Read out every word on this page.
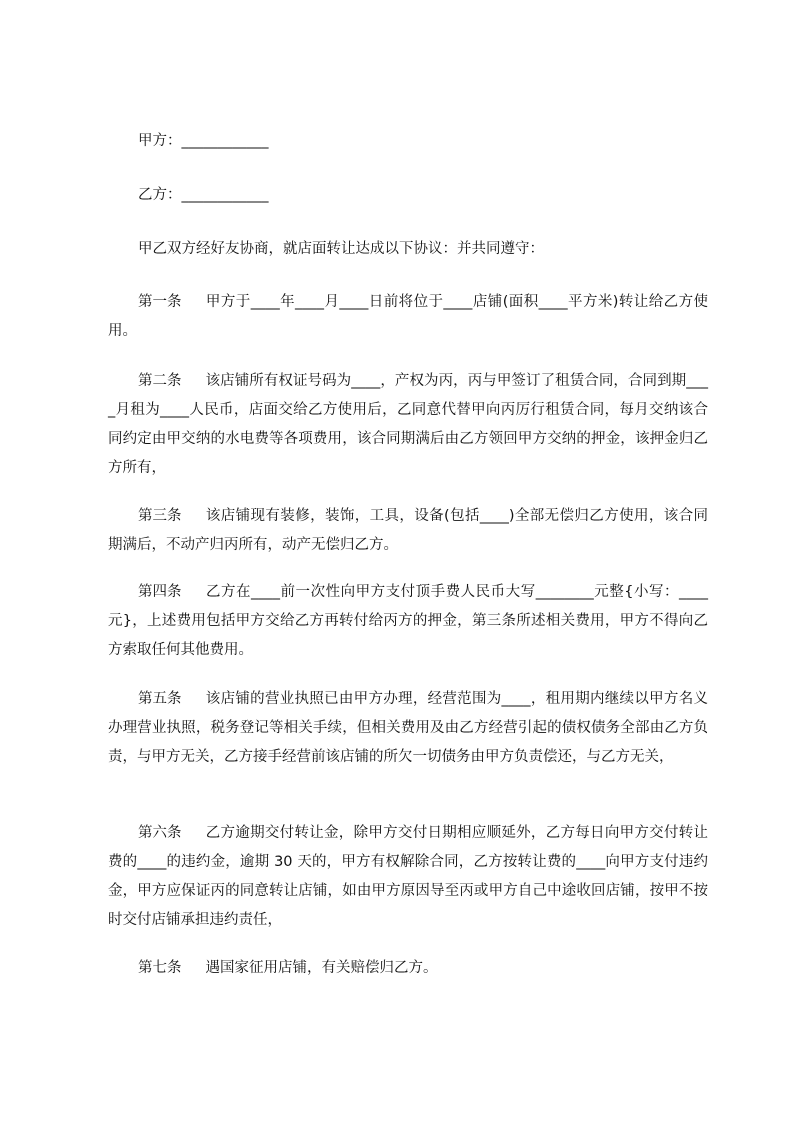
甲方：____________

乙方：____________

甲乙双方经好友协商，就店面转让达成以下协议：并共同遵守：

第一条 甲方于____年____月____日前将位于____店铺(面积____平方米)转让给乙方使用。

第二条 该店铺所有权证号码为____，产权为丙，丙与甲签订了租赁合同，合同到期____月租为____人民币，店面交给乙方使用后，乙同意代替甲向丙厉行租赁合同，每月交纳该合同约定由甲交纳的水电费等各项费用，该合同期满后由乙方领回甲方交纳的押金，该押金归乙方所有，

第三条 该店铺现有装修，装饰，工具，设备(包括____)全部无偿归乙方使用，该合同期满后，不动产归丙所有，动产无偿归乙方。

第四条 乙方在____前一次性向甲方支付顶手费人民币大写________元整{小写：____元}，上述费用包括甲方交给乙方再转付给丙方的押金，第三条所述相关费用，甲方不得向乙方索取任何其他费用。

第五条 该店铺的营业执照已由甲方办理，经营范围为____，租用期内继续以甲方名义办理营业执照，税务登记等相关手续，但相关费用及由乙方经营引起的债权债务全部由乙方负责，与甲方无关，乙方接手经营前该店铺的所欠一切债务由甲方负责偿还，与乙方无关，

第六条 乙方逾期交付转让金，除甲方交付日期相应顺延外，乙方每日向甲方交付转让费的____的违约金，逾期 30 天的，甲方有权解除合同，乙方按转让费的____向甲方支付违约金，甲方应保证丙的同意转让店铺，如由甲方原因导至丙或甲方自己中途收回店铺，按甲不按时交付店铺承担违约责任，

第七条 遇国家征用店铺，有关赔偿归乙方。
